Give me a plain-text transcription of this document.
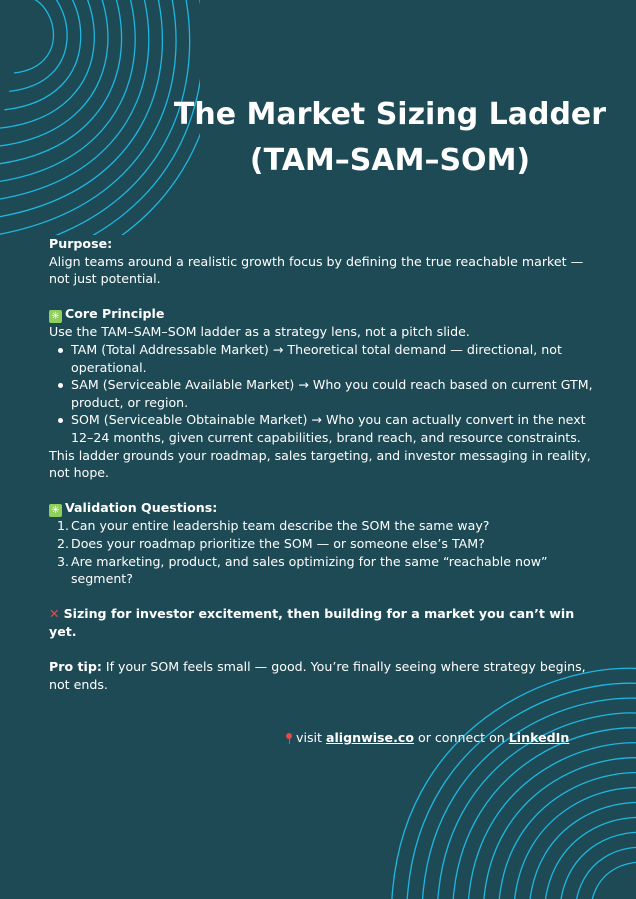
The Market Sizing Ladder
(TAM–SAM–SOM)

Purpose:

Align teams around a realistic growth focus by defining the true reachable market — not just potential.

✳ Core Principle

Use the TAM–SAM–SOM ladder as a strategy lens, not a pitch slide.

TAM (Total Addressable Market) → Theoretical total demand — directional, not operational.
SAM (Serviceable Available Market) → Who you could reach based on current GTM, product, or region.
SOM (Serviceable Obtainable Market) → Who you can actually convert in the next 12–24 months, given current capabilities, brand reach, and resource constraints.

This ladder grounds your roadmap, sales targeting, and investor messaging in reality, not hope.

✳ Validation Questions:

1. Can your entire leadership team describe the SOM the same way?
2. Does your roadmap prioritize the SOM — or someone else’s TAM?
3. Are marketing, product, and sales optimizing for the same “reachable now” segment?

✕ Sizing for investor excitement, then building for a market you can’t win yet.

Pro tip: If your SOM feels small — good. You’re finally seeing where strategy begins, not ends.

visit alignwise.co or connect on LinkedIn
